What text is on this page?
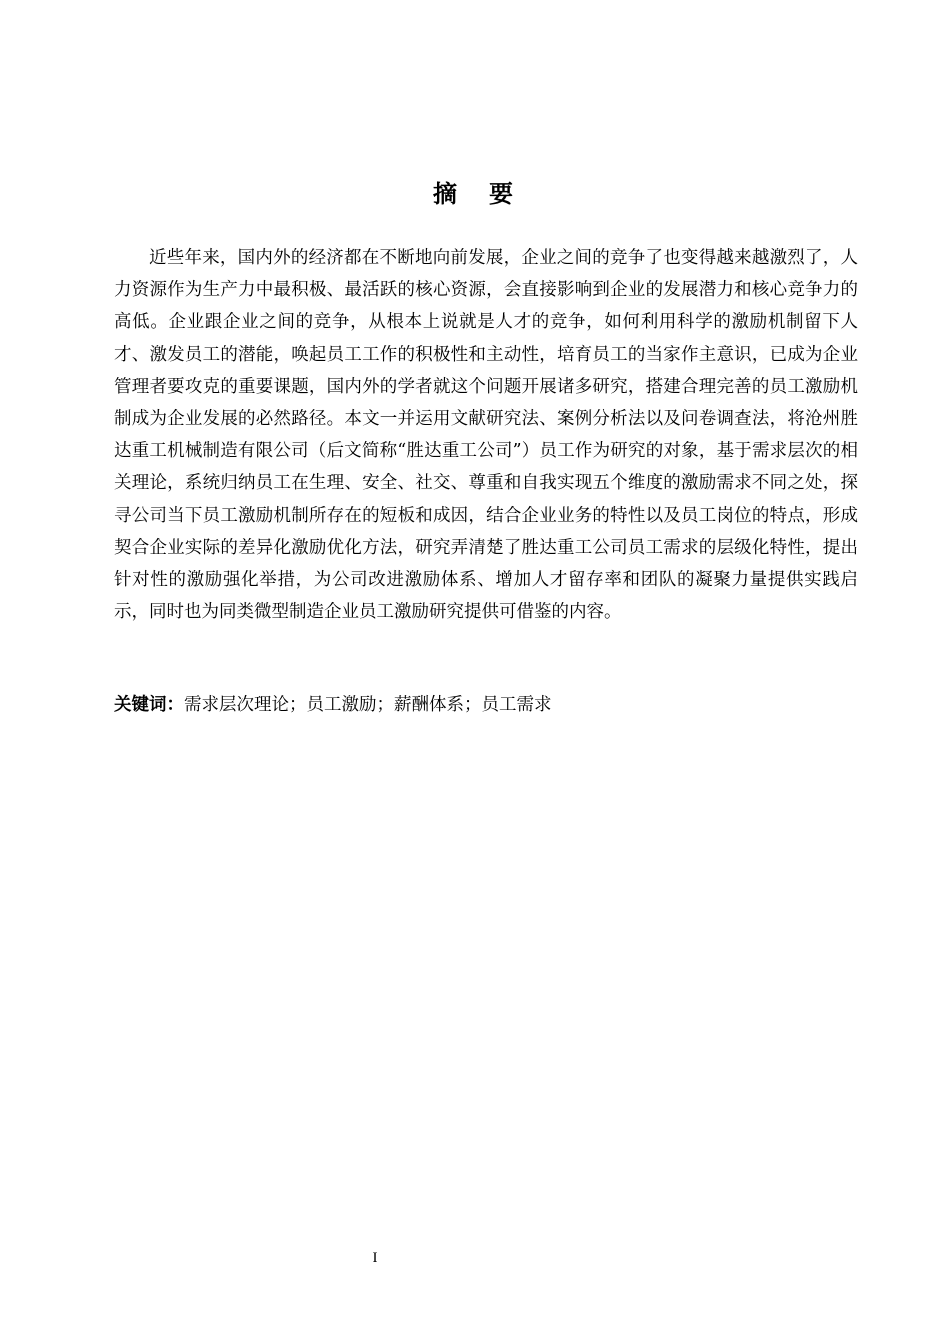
摘　要

近些年来，国内外的经济都在不断地向前发展，企业之间的竞争了也变得越来越激烈了，人力资源作为生产力中最积极、最活跃的核心资源，会直接影响到企业的发展潜力和核心竞争力的高低。企业跟企业之间的竞争，从根本上说就是人才的竞争，如何利用科学的激励机制留下人才、激发员工的潜能，唤起员工工作的积极性和主动性，培育员工的当家作主意识，已成为企业管理者要攻克的重要课题，国内外的学者就这个问题开展诸多研究，搭建合理完善的员工激励机制成为企业发展的必然路径。本文一并运用文献研究法、案例分析法以及问卷调查法，将沧州胜达重工机械制造有限公司（后文简称“胜达重工公司”）员工作为研究的对象，基于需求层次的相关理论，系统归纳员工在生理、安全、社交、尊重和自我实现五个维度的激励需求不同之处，探寻公司当下员工激励机制所存在的短板和成因，结合企业业务的特性以及员工岗位的特点，形成契合企业实际的差异化激励优化方法，研究弄清楚了胜达重工公司员工需求的层级化特性，提出针对性的激励强化举措，为公司改进激励体系、增加人才留存率和团队的凝聚力量提供实践启示，同时也为同类微型制造企业员工激励研究提供可借鉴的内容。

关键词：需求层次理论；员工激励；薪酬体系；员工需求

I
